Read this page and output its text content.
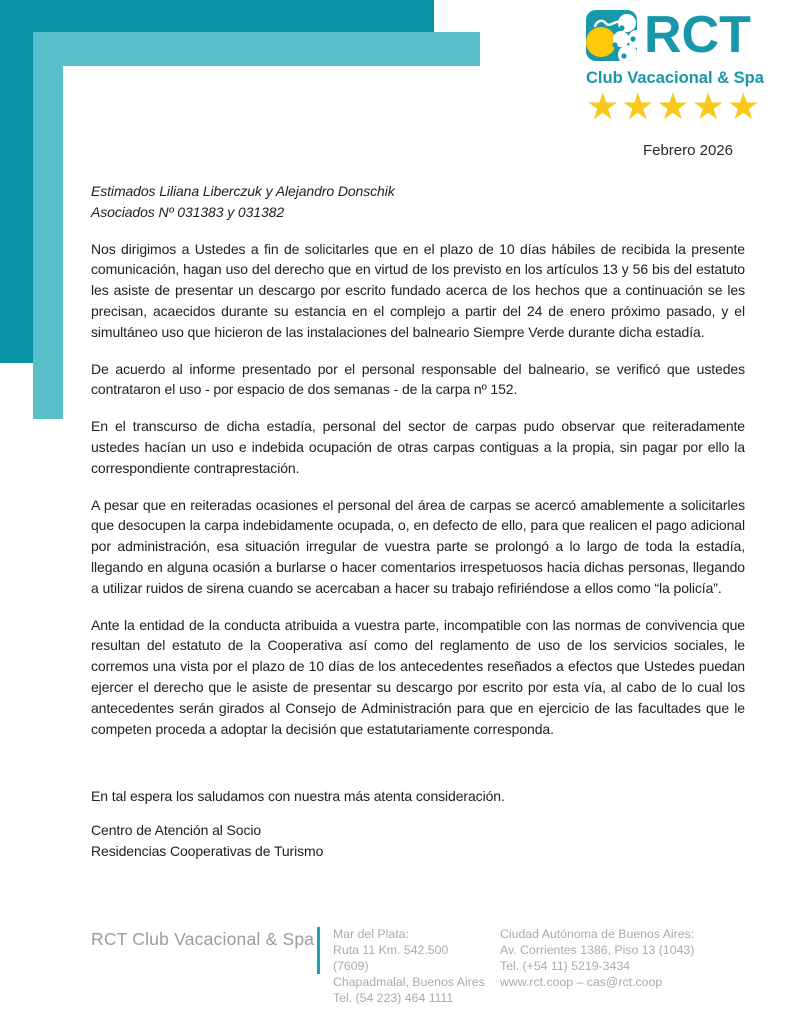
RCT
Club Vacacional & Spa
★★★★★
Febrero 2026
Estimados Liliana Liberczuk y Alejandro Donschik
Asociados Nº 031383 y 031382

Nos dirigimos a Ustedes a fin de solicitarles que en el plazo de 10 días hábiles de recibida la presente comunicación, hagan uso del derecho que en virtud de los previsto en los artículos 13 y 56 bis del estatuto les asiste de presentar un descargo por escrito fundado acerca de los hechos que a continuación se les precisan, acaecidos durante su estancia en el complejo a partir del 24 de enero próximo pasado, y el simultáneo uso que hicieron de las instalaciones del balneario Siempre Verde durante dicha estadía.

De acuerdo al informe presentado por el personal responsable del balneario, se verificó que ustedes contrataron el uso - por espacio de dos semanas - de la carpa nº 152.

En el transcurso de dicha estadía, personal del sector de carpas pudo observar que reiteradamente ustedes hacían un uso e indebida ocupación de otras carpas contiguas a la propia, sin pagar por ello la correspondiente contraprestación.

A pesar que en reiteradas ocasiones el personal del área de carpas se acercó amablemente a solicitarles que desocupen la carpa indebidamente ocupada, o, en defecto de ello, para que realicen el pago adicional por administración, esa situación irregular de vuestra parte se prolongó a lo largo de toda la estadía, llegando en alguna ocasión a burlarse o hacer comentarios irrespetuosos hacia dichas personas, llegando a utilizar ruidos de sirena cuando se acercaban a hacer su trabajo refiriéndose a ellos como “la policía”.

Ante la entidad de la conducta atribuida a vuestra parte, incompatible con las normas de convivencia que resultan del estatuto de la Cooperativa así como del reglamento de uso de los servicios sociales, le corremos una vista por el plazo de 10 días de los antecedentes reseñados a efectos que Ustedes puedan ejercer el derecho que le asiste de presentar su descargo por escrito por esta vía, al cabo de lo cual los antecedentes serán girados al Consejo de Administración para que en ejercicio de las facultades que le competen proceda a adoptar la decisión que estatutariamente corresponda.

En tal espera los saludamos con nuestra más atenta consideración.

Centro de Atención al Socio
Residencias Cooperativas de Turismo
RCT Club Vacacional & Spa Mar del Plata:
Ruta 11 Km. 542.500 (7609)
Chapadmalal, Buenos Aires
Tel. (54 223) 464 1111
Ciudad Autónoma de Buenos Aires:
Av. Corrientes 1386, Piso 13 (1043)
Tel. (+54 11) 5219-3434
www.rct.coop – cas@rct.coop
